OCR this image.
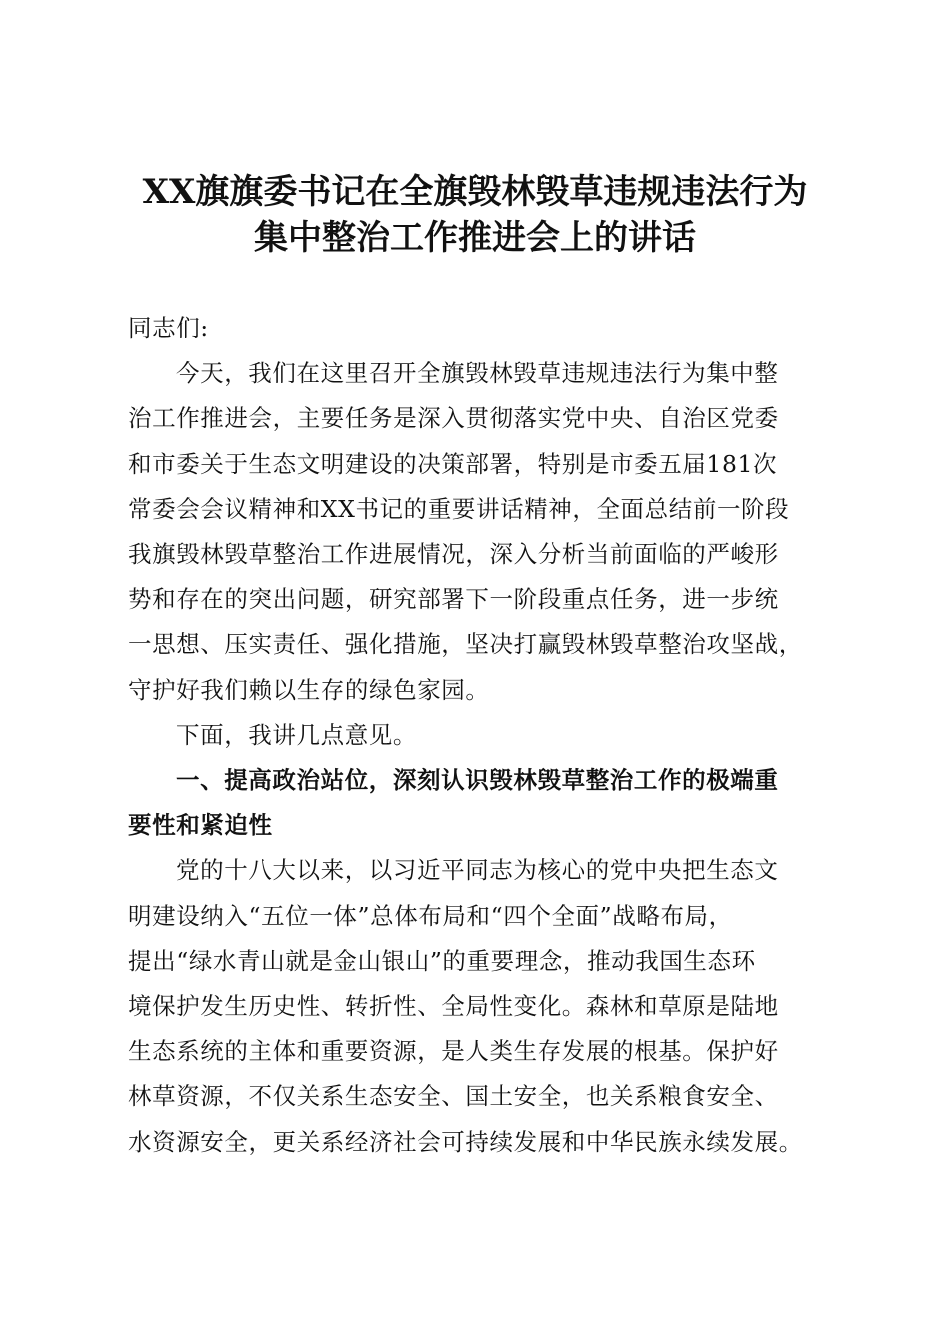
XX旗旗委书记在全旗毁林毁草违规违法行为
集中整治工作推进会上的讲话
同志们:
今天，我们在这里召开全旗毁林毁草违规违法行为集中整
治工作推进会，主要任务是深入贯彻落实党中央、自治区党委
和市委关于生态文明建设的决策部署，特别是市委五届181次
常委会会议精神和XX书记的重要讲话精神，全面总结前一阶段
我旗毁林毁草整治工作进展情况，深入分析当前面临的严峻形
势和存在的突出问题，研究部署下一阶段重点任务，进一步统
一思想、压实责任、强化措施，坚决打赢毁林毁草整治攻坚战，
守护好我们赖以生存的绿色家园。
下面，我讲几点意见。
一、提高政治站位，深刻认识毁林毁草整治工作的极端重
要性和紧迫性
党的十八大以来，以习近平同志为核心的党中央把生态文
明建设纳入“五位一体”总体布局和“四个全面”战略布局，
提出“绿水青山就是金山银山”的重要理念，推动我国生态环
境保护发生历史性、转折性、全局性变化。森林和草原是陆地
生态系统的主体和重要资源，是人类生存发展的根基。保护好
林草资源，不仅关系生态安全、国土安全，也关系粮食安全、
水资源安全，更关系经济社会可持续发展和中华民族永续发展。
